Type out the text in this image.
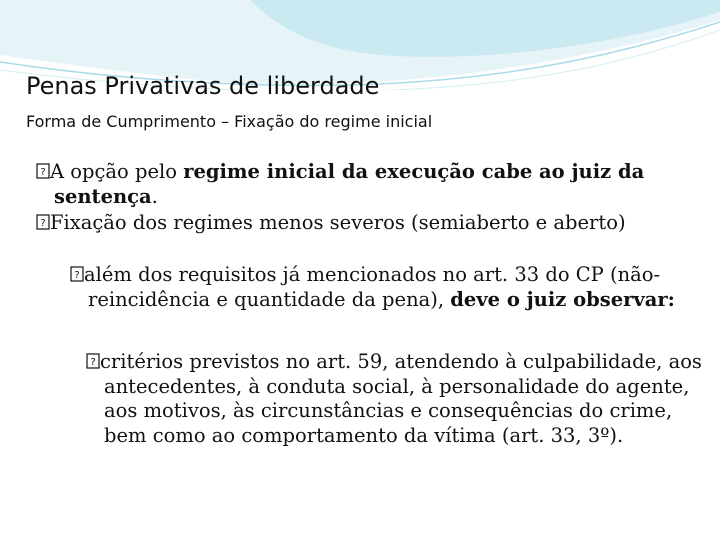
Penas Privativas de liberdade
Forma de Cumprimento – Fixação do regime inicial
? A opção pelo regime inicial da execução cabe ao juiz da sentença.
? Fixação dos regimes menos severos (semiaberto e aberto)
? além dos requisitos já mencionados no art. 33 do CP (não-reincidência e quantidade da pena), deve o juiz observar:
? critérios previstos no art. 59, atendendo à culpabilidade, aos antecedentes, à conduta social, à personalidade do agente, aos motivos, às circunstâncias e consequências do crime, bem como ao comportamento da vítima (art. 33, 3º).
